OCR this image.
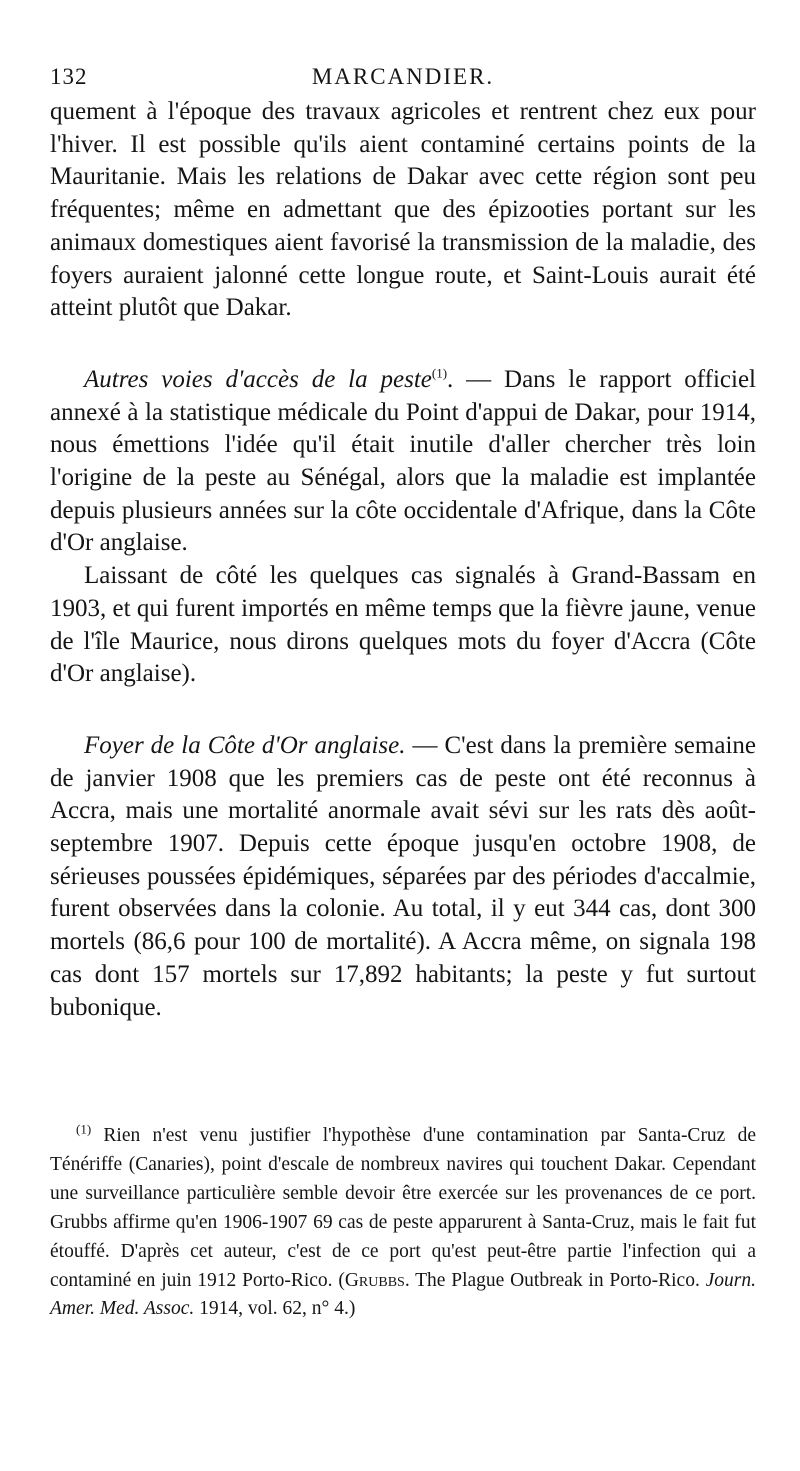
132	MARCANDIER.

quement à l'époque des travaux agricoles et rentrent chez eux pour l'hiver. Il est possible qu'ils aient contaminé certains points de la Mauritanie. Mais les relations de Dakar avec cette région sont peu fréquentes; même en admettant que des épizooties portant sur les animaux domestiques aient favorisé la transmission de la maladie, des foyers auraient jalonné cette longue route, et Saint-Louis aurait été atteint plutôt que Dakar.

Autres voies d'accès de la peste$^{(1)}$. — Dans le rapport officiel annexé à la statistique médicale du Point d'appui de Dakar, pour 1914, nous émettions l'idée qu'il était inutile d'aller chercher très loin l'origine de la peste au Sénégal, alors que la maladie est implantée depuis plusieurs années sur la côte occidentale d'Afrique, dans la Côte d'Or anglaise.

Laissant de côté les quelques cas signalés à Grand-Bassam en 1903, et qui furent importés en même temps que la fièvre jaune, venue de l'île Maurice, nous dirons quelques mots du foyer d'Accra (Côte d'Or anglaise).

Foyer de la Côte d'Or anglaise. — C'est dans la première semaine de janvier 1908 que les premiers cas de peste ont été reconnus à Accra, mais une mortalité anormale avait sévi sur les rats dès août-septembre 1907. Depuis cette époque jusqu'en octobre 1908, de sérieuses poussées épidémiques, séparées par des périodes d'accalmie, furent observées dans la colonie. Au total, il y eut 344 cas, dont 300 mortels (86,6 pour 100 de mortalité). A Accra même, on signala 198 cas dont 157 mortels sur 17,892 habitants; la peste y fut surtout bubonique.

$^{(1)}$ Rien n'est venu justifier l'hypothèse d'une contamination par Santa-Cruz de Ténériffe (Canaries), point d'escale de nombreux navires qui touchent Dakar. Cependant une surveillance particulière semble devoir être exercée sur les provenances de ce port. Grubbs affirme qu'en 1906-1907 69 cas de peste apparurent à Santa-Cruz, mais le fait fut étouffé. D'après cet auteur, c'est de ce port qu'est peut-être partie l'infection qui a contaminé en juin 1912 Porto-Rico. (Grubbs. The Plague Outbreak in Porto-Rico. Journ. Amer. Med. Assoc. 1914, vol. 62, n° 4.)
